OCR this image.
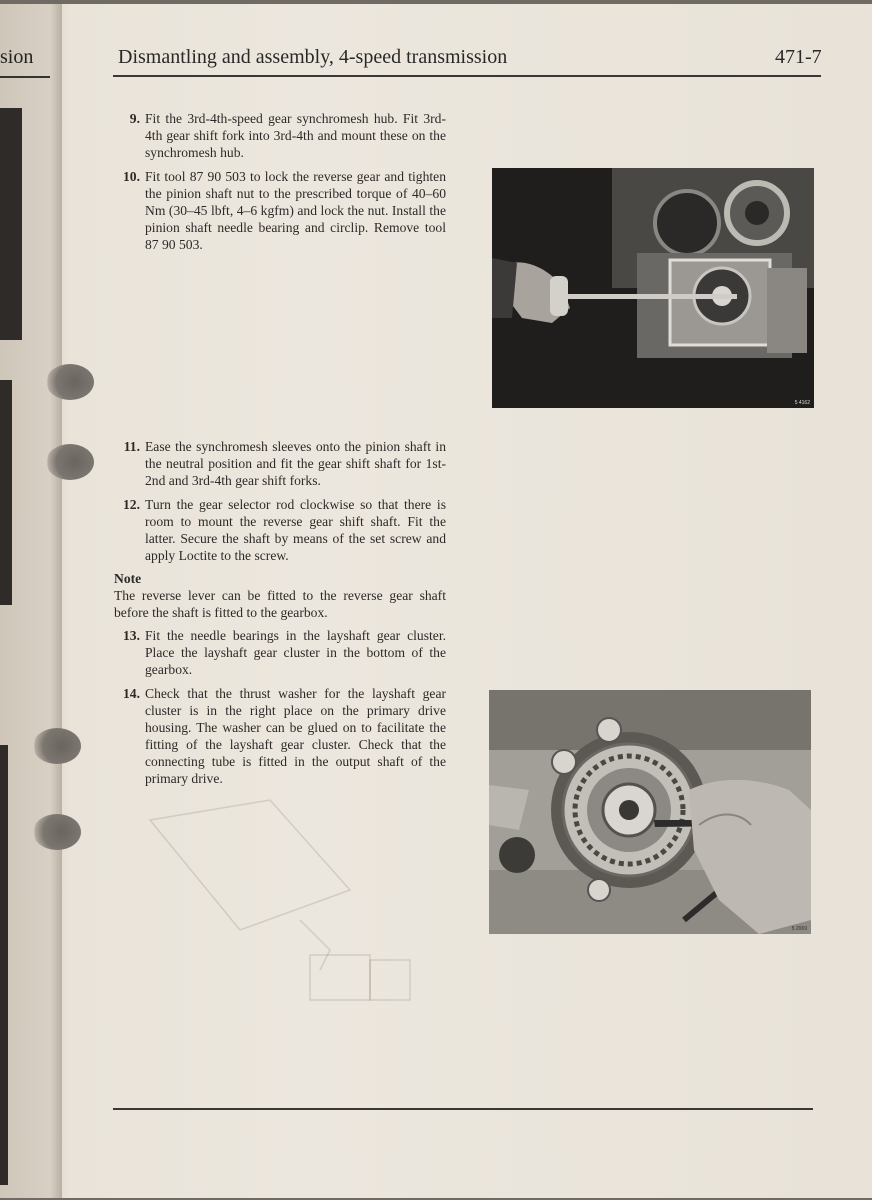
sion	Dismantling and assembly, 4-speed transmission	471-7
9. Fit the 3rd-4th-speed gear synchromesh hub. Fit 3rd-4th gear shift fork into 3rd-4th and mount these on the synchromesh hub.
10. Fit tool 87 90 503 to lock the reverse gear and tighten the pinion shaft nut to the prescribed torque of 40–60 Nm (30–45 lbft, 4–6 kgfm) and lock the nut. Install the pinion shaft needle bearing and circlip. Remove tool 87 90 503.
11. Ease the synchromesh sleeves onto the pinion shaft in the neutral position and fit the gear shift shaft for 1st-2nd and 3rd-4th gear shift forks.
12. Turn the gear selector rod clockwise so that there is room to mount the reverse gear shift shaft. Fit the latter. Secure the shaft by means of the set screw and apply Loctite to the screw.
Note
The reverse lever can be fitted to the reverse gear shaft before the shaft is fitted to the gearbox.
13. Fit the needle bearings in the layshaft gear cluster. Place the layshaft gear cluster in the bottom of the gearbox.
14. Check that the thrust washer for the layshaft gear cluster is in the right place on the primary drive housing. The washer can be glued on to facilitate the fitting of the layshaft gear cluster. Check that the connecting tube is fitted in the output shaft of the primary drive.
5 4162
5 2069
